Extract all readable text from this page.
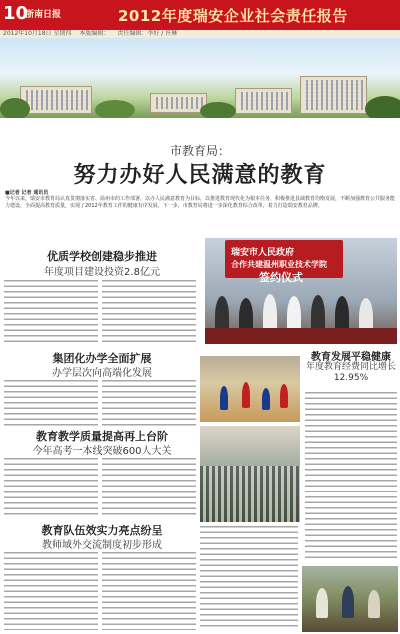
10
浙南日报	2012年度瑞安企业社会责任报告
2012年10月18日 星期四 本版编辑： 责任编辑：李好 / 许琳
市教育局：
努力办好人民满意的教育
■记者 记者 通讯员
今年以来，瑞安市教育局认真贯彻落实省、温州市的工作部署，以办人民满意教育为目标，以推进教育现代化为根本任务，积极推进县域教育均衡发展，不断加强教育公共服务能力建设，全面提高教育质量，实现了2012年教育工作的健康有序发展。下一步，市教育局将进一步深化教育综合改革，着力打造瑞安教育品牌。
优质学校创建稳步推进
年度项目建设投资2.8亿元
瑞安市人民政府
合作共建温州职业技术学院
签约仪式
集团化办学全面扩展
办学层次向高端化发展
教育发展平稳健康
年度教育经费同比增长12.95%
教育教学质量提高再上台阶
今年高考一本线突破600人大关
教育队伍效实力亮点纷呈
教师域外交流制度初步形成
